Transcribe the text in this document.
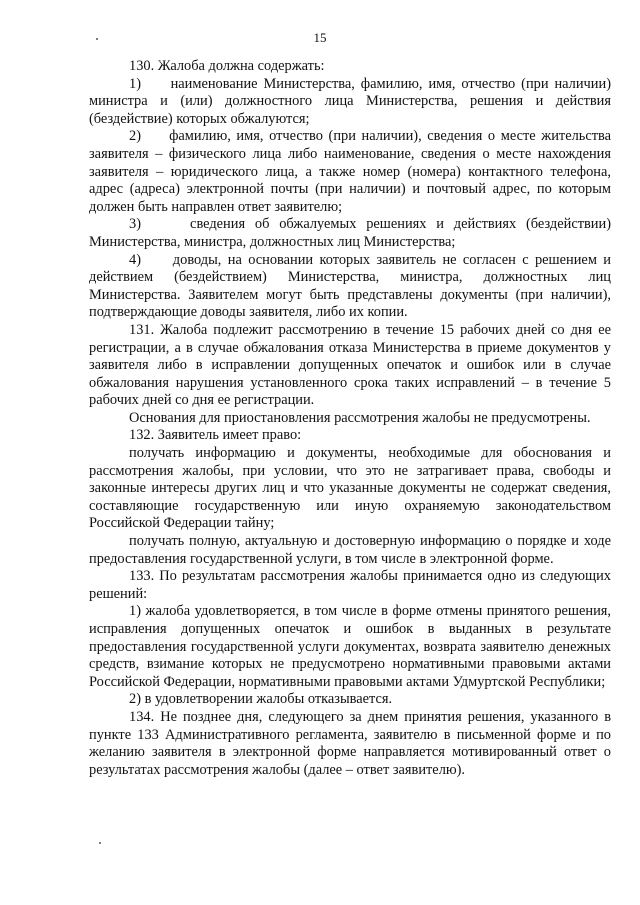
15

130. Жалоба должна содержать:

1)     наименование Министерства, фамилию, имя, отчество (при наличии) министра и (или) должностного лица Министерства, решения и действия (бездействие) которых обжалуются;

2)     фамилию, имя, отчество (при наличии), сведения о месте жительства заявителя – физического лица либо наименование, сведения о месте нахождения заявителя – юридического лица, а также номер (номера) контактного телефона, адрес (адреса) электронной почты (при наличии) и почтовый адрес, по которым должен быть направлен ответ заявителю;

3)     сведения об обжалуемых решениях и действиях (бездействии) Министерства, министра, должностных лиц Министерства;

4)     доводы, на основании которых заявитель не согласен с решением и действием (бездействием) Министерства, министра, должностных лиц Министерства. Заявителем могут быть представлены документы (при наличии), подтверждающие доводы заявителя, либо их копии.

131. Жалоба подлежит рассмотрению в течение 15 рабочих дней со дня ее регистрации, а в случае обжалования отказа Министерства в приеме документов у заявителя либо в исправлении допущенных опечаток и ошибок или в случае обжалования нарушения установленного срока таких исправлений – в течение 5 рабочих дней со дня ее регистрации.

Основания для приостановления рассмотрения жалобы не предусмотрены.

132. Заявитель имеет право:

получать информацию и документы, необходимые для обоснования и рассмотрения жалобы, при условии, что это не затрагивает права, свободы и законные интересы других лиц и что указанные документы не содержат сведения, составляющие государственную или иную охраняемую законодательством Российской Федерации тайну;

получать полную, актуальную и достоверную информацию о порядке и ходе предоставления государственной услуги, в том числе в электронной форме.

133. По результатам рассмотрения жалобы принимается одно из следующих решений:

1) жалоба удовлетворяется, в том числе в форме отмены принятого решения, исправления допущенных опечаток и ошибок в выданных в результате предоставления государственной услуги документах, возврата заявителю денежных средств, взимание которых не предусмотрено нормативными правовыми актами Российской Федерации, нормативными правовыми актами Удмуртской Республики;

2) в удовлетворении жалобы отказывается.

134. Не позднее дня, следующего за днем принятия решения, указанного в пункте 133 Административного регламента, заявителю в письменной форме и по желанию заявителя в электронной форме направляется мотивированный ответ о результатах рассмотрения жалобы (далее – ответ заявителю).
